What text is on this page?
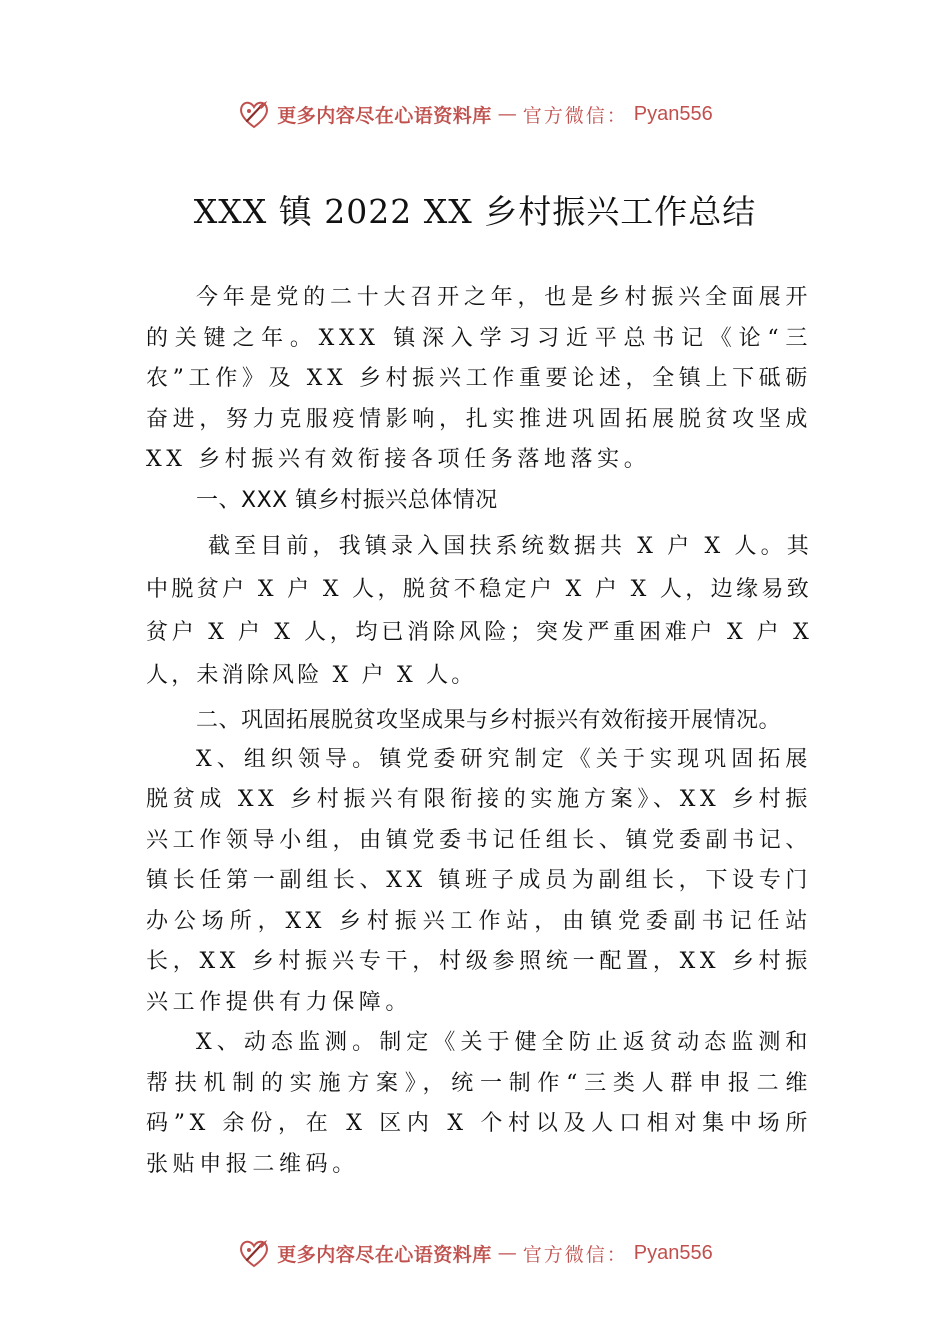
更多内容尽在心语资料库 — 官方微信： Pyan556
XXX 镇 2022 XX 乡村振兴工作总结

今年是党的二十大召开之年，也是乡村振兴全面展开的关键之年。XXX 镇深入学习习近平总书记《论“三农”工作》及 XX 乡村振兴工作重要论述，全镇上下砥砺奋进，努力克服疫情影响，扎实推进巩固拓展脱贫攻坚成 XX 乡村振兴有效衔接各项任务落地落实。

一、XXX 镇乡村振兴总体情况

截至目前，我镇录入国扶系统数据共 X 户 X 人。其中脱贫户 X 户 X 人，脱贫不稳定户 X 户 X 人，边缘易致贫户 X 户 X 人，均已消除风险；突发严重困难户 X 户 X 人，未消除风险 X 户 X 人。

二、巩固拓展脱贫攻坚成果与乡村振兴有效衔接开展情况。

X、组织领导。镇党委研究制定《关于实现巩固拓展脱贫成 XX 乡村振兴有限衔接的实施方案》、XX 乡村振兴工作领导小组，由镇党委书记任组长、镇党委副书记、镇长任第一副组长、XX 镇班子成员为副组长，下设专门办公场所，XX 乡村振兴工作站，由镇党委副书记任站长，XX 乡村振兴专干，村级参照统一配置，XX 乡村振兴工作提供有力保障。

X、动态监测。制定《关于健全防止返贫动态监测和帮扶机制的实施方案》，统一制作“三类人群申报二维码”X 余份，在 X 区内 X 个村以及人口相对集中场所张贴申报二维码。

更多内容尽在心语资料库 — 官方微信： Pyan556
